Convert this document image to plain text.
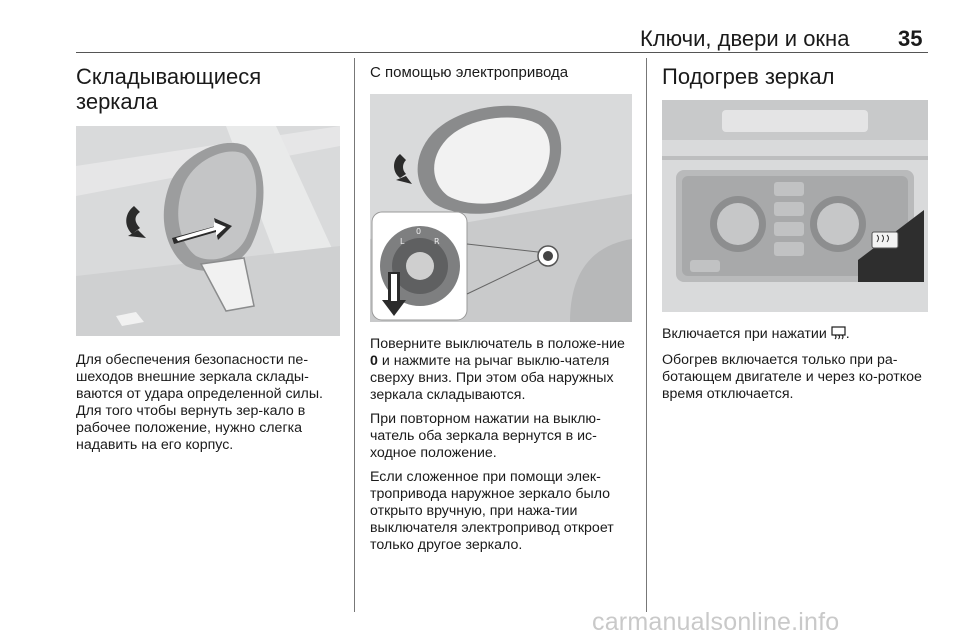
Ключи, двери и окна 35
Складывающиеся зеркала

Для обеспечения безопасности пе-шеходов внешние зеркала склады-ваются от удара определенной силы. Для того чтобы вернуть зер-кало в рабочее положение, нужно слегка надавить на его корпус.

С помощью электропривода
L
0
R

Поверните выключатель в положе-ние 0 и нажмите на рычаг выклю-чателя сверху вниз. При этом оба наружных зеркала складываются.

При повторном нажатии на выклю-чатель оба зеркала вернутся в ис-ходное положение.

Если сложенное при помощи элек-тропривода наружное зеркало было открыто вручную, при нажа-тии выключателя электропривод откроет только другое зеркало.

Подогрев зеркал

Включается при нажатии .

Обогрев включается только при ра-ботающем двигателе и через ко-роткое время отключается.

carmanualsonline.info
